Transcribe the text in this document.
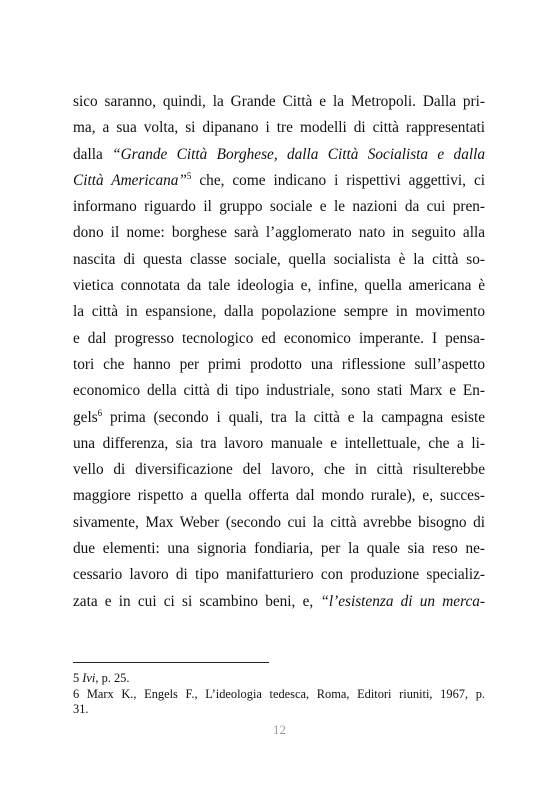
sico saranno, quindi, la Grande Città e la Metropoli. Dalla pri-
ma, a sua volta, si dipanano i tre modelli di città rappresentati
dalla “Grande Città Borghese, dalla Città Socialista e dalla
Città Americana”$^5$ che, come indicano i rispettivi aggettivi, ci
informano riguardo il gruppo sociale e le nazioni da cui pren-
dono il nome: borghese sarà l’agglomerato nato in seguito alla
nascita di questa classe sociale, quella socialista è la città so-
vietica connotata da tale ideologia e, infine, quella americana è
la città in espansione, dalla popolazione sempre in movimento
e dal progresso tecnologico ed economico imperante. I pensa-
tori che hanno per primi prodotto una riflessione sull’aspetto
economico della città di tipo industriale, sono stati Marx e En-
gels$^6$ prima (secondo i quali, tra la città e la campagna esiste
una differenza, sia tra lavoro manuale e intellettuale, che a li-
vello di diversificazione del lavoro, che in città risulterebbe
maggiore rispetto a quella offerta dal mondo rurale), e, succes-
sivamente, Max Weber (secondo cui la città avrebbe bisogno di
due elementi: una signoria fondiaria, per la quale sia reso ne-
cessario lavoro di tipo manifatturiero con produzione specializ-
zata e in cui ci si scambino beni, e, “l’esistenza di un merca-
5 Ivi, p. 25.
6 Marx K., Engels F., L’ideologia tedesca, Roma, Editori riuniti, 1967, p.
31.
12
